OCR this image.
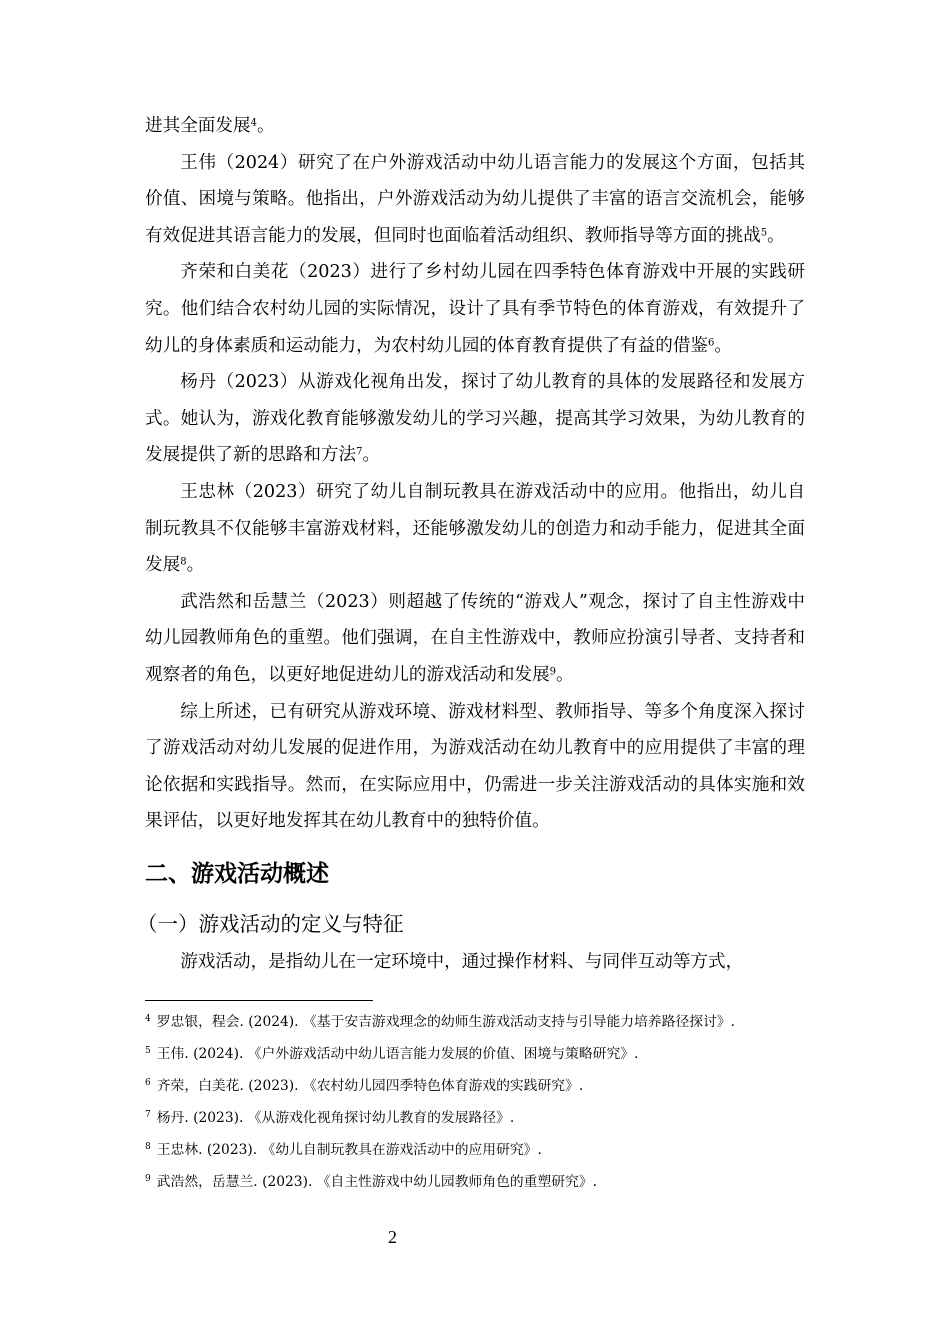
进其全面发展$^4$。

王伟（2024）研究了在户外游戏活动中幼儿语言能力的发展这个方面，包括其价值、困境与策略。他指出，户外游戏活动为幼儿提供了丰富的语言交流机会，能够有效促进其语言能力的发展，但同时也面临着活动组织、教师指导等方面的挑战$^5$。

齐荣和白美花（2023）进行了乡村幼儿园在四季特色体育游戏中开展的实践研究。他们结合农村幼儿园的实际情况，设计了具有季节特色的体育游戏，有效提升了幼儿的身体素质和运动能力，为农村幼儿园的体育教育提供了有益的借鉴$^6$。

杨丹（2023）从游戏化视角出发，探讨了幼儿教育的具体的发展路径和发展方式。她认为，游戏化教育能够激发幼儿的学习兴趣，提高其学习效果，为幼儿教育的发展提供了新的思路和方法$^7$。

王忠林（2023）研究了幼儿自制玩教具在游戏活动中的应用。他指出，幼儿自制玩教具不仅能够丰富游戏材料，还能够激发幼儿的创造力和动手能力，促进其全面发展$^8$。

武浩然和岳慧兰（2023）则超越了传统的“游戏人”观念，探讨了自主性游戏中幼儿园教师角色的重塑。他们强调，在自主性游戏中，教师应扮演引导者、支持者和观察者的角色，以更好地促进幼儿的游戏活动和发展$^9$。

综上所述，已有研究从游戏环境、游戏材料型、教师指导、等多个角度深入探讨了游戏活动对幼儿发展的促进作用，为游戏活动在幼儿教育中的应用提供了丰富的理论依据和实践指导。然而，在实际应用中，仍需进一步关注游戏活动的具体实施和效果评估，以更好地发挥其在幼儿教育中的独特价值。

二、游戏活动概述
（一）游戏活动的定义与特征

游戏活动，是指幼儿在一定环境中，通过操作材料、与同伴互动等方式，

$^4$ 罗忠银，程会. (2024). 《基于安吉游戏理念的幼师生游戏活动支持与引导能力培养路径探讨》.

$^5$ 王伟. (2024). 《户外游戏活动中幼儿语言能力发展的价值、困境与策略研究》.

$^6$ 齐荣，白美花. (2023). 《农村幼儿园四季特色体育游戏的实践研究》.

$^7$ 杨丹. (2023). 《从游戏化视角探讨幼儿教育的发展路径》.

$^8$ 王忠林. (2023). 《幼儿自制玩教具在游戏活动中的应用研究》.

$^9$ 武浩然，岳慧兰. (2023). 《自主性游戏中幼儿园教师角色的重塑研究》.

2
